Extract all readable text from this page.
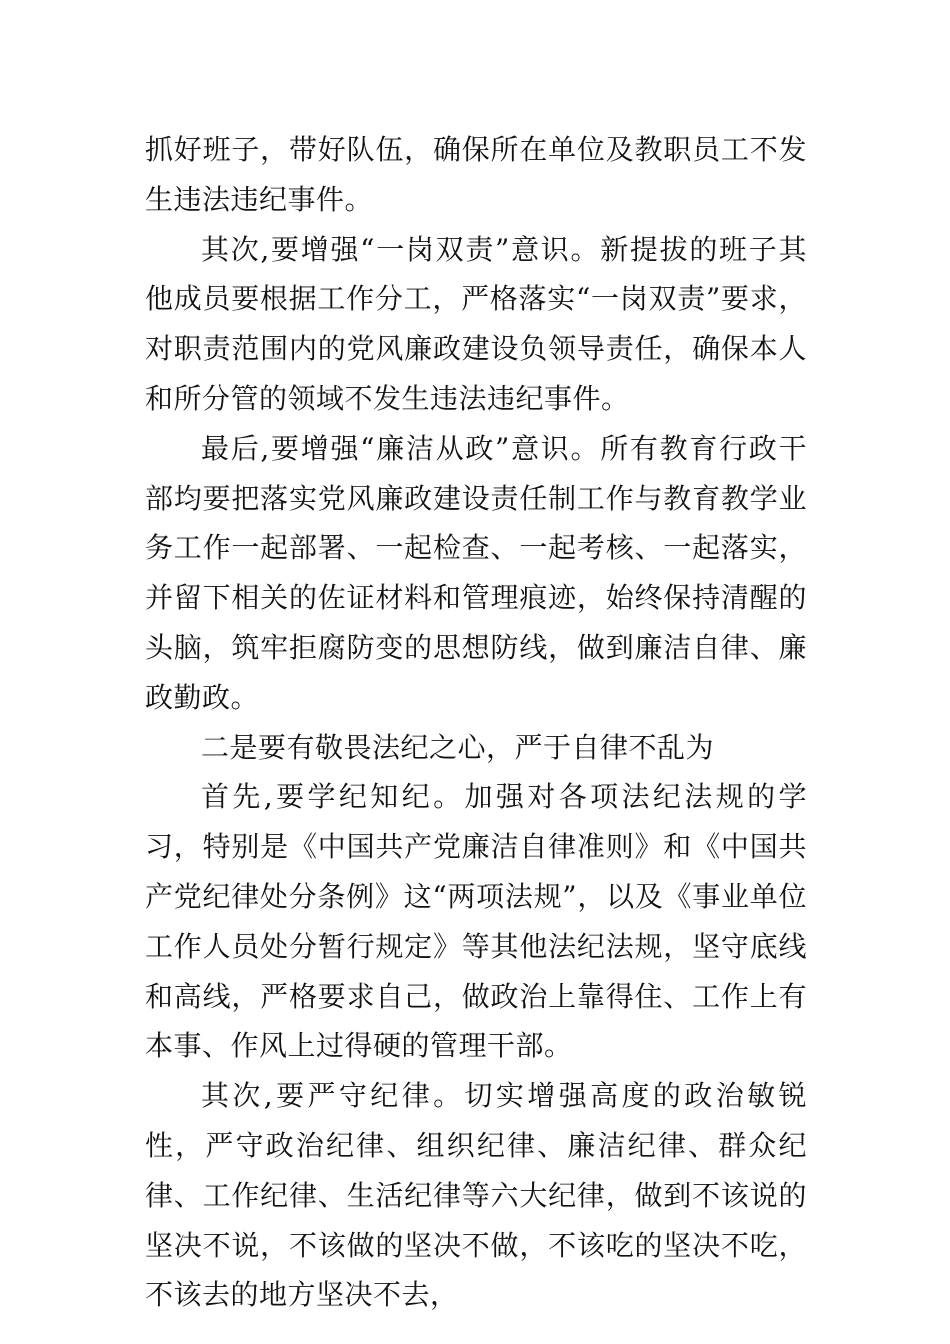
抓好班子，带好队伍，确保所在单位及教职员工不发生违法违纪事件。

其次,要增强“一岗双责”意识。新提拔的班子其他成员要根据工作分工，严格落实“一岗双责”要求，对职责范围内的党风廉政建设负领导责任，确保本人和所分管的领域不发生违法违纪事件。

最后,要增强“廉洁从政”意识。所有教育行政干部均要把落实党风廉政建设责任制工作与教育教学业务工作一起部署、一起检查、一起考核、一起落实，并留下相关的佐证材料和管理痕迹，始终保持清醒的头脑，筑牢拒腐防变的思想防线，做到廉洁自律、廉政勤政。

二是要有敬畏法纪之心，严于自律不乱为

首先,要学纪知纪。加强对各项法纪法规的学习，特别是《中国共产党廉洁自律准则》和《中国共产党纪律处分条例》这“两项法规”，以及《事业单位工作人员处分暂行规定》等其他法纪法规，坚守底线和高线，严格要求自己，做政治上靠得住、工作上有本事、作风上过得硬的管理干部。

其次,要严守纪律。切实增强高度的政治敏锐性，严守政治纪律、组织纪律、廉洁纪律、群众纪律、工作纪律、生活纪律等六大纪律，做到不该说的坚决不说，不该做的坚决不做，不该吃的坚决不吃，不该去的地方坚决不去，
